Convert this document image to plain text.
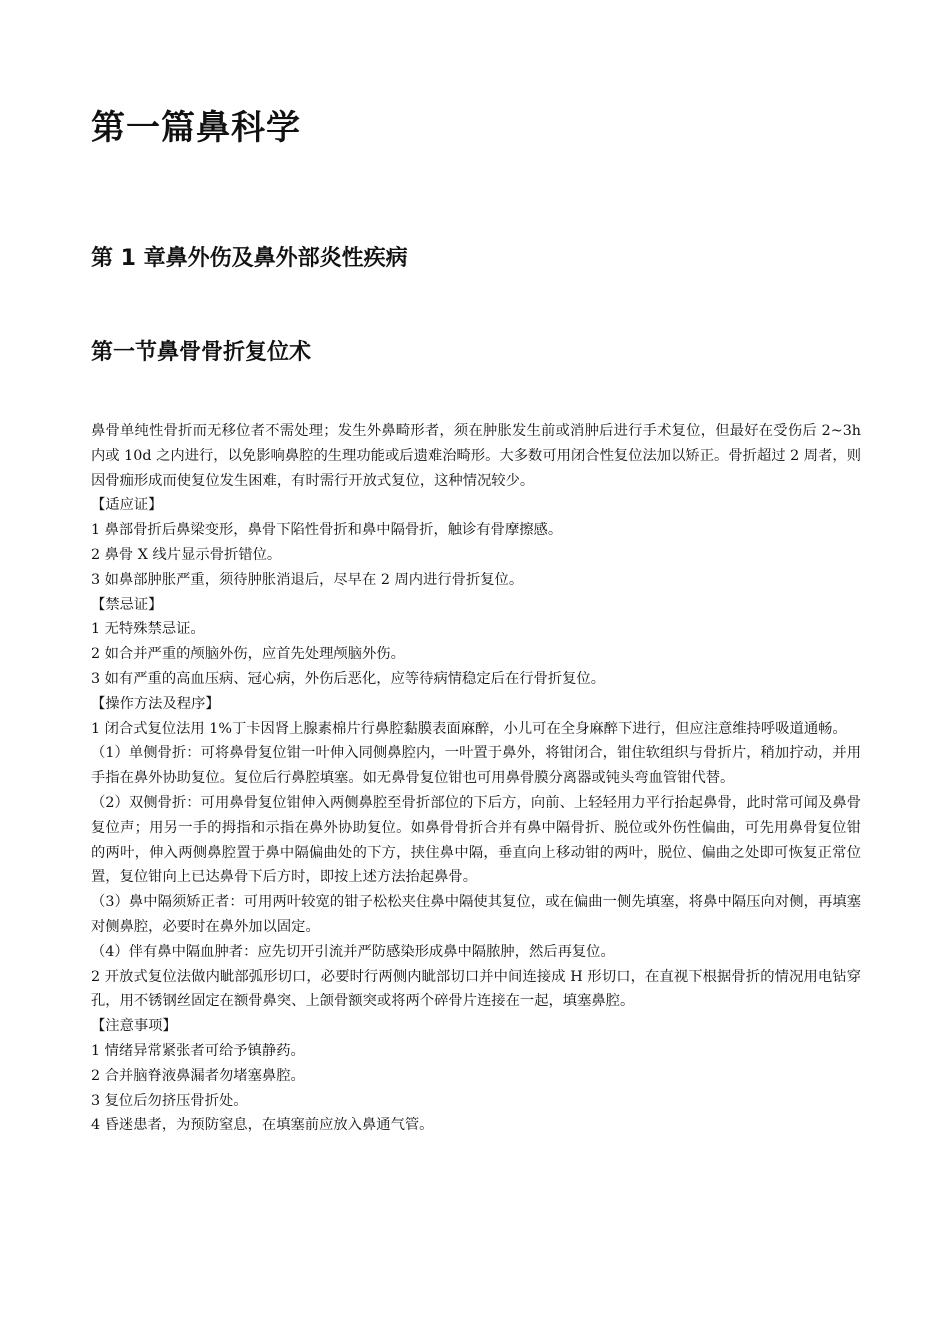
第一篇鼻科学
第 1 章鼻外伤及鼻外部炎性疾病
第一节鼻骨骨折复位术

鼻骨单纯性骨折而无移位者不需处理；发生外鼻畸形者，须在肿胀发生前或消肿后进行手术复位，但最好在受伤后 2~3h 内或 10d 之内进行，以免影响鼻腔的生理功能或后遗难治畸形。大多数可用闭合性复位法加以矫正。骨折超过 2 周者，则因骨痂形成而使复位发生困难，有时需行开放式复位，这种情况较少。

【适应证】

1 鼻部骨折后鼻梁变形，鼻骨下陷性骨折和鼻中隔骨折，触诊有骨摩擦感。

2 鼻骨 X 线片显示骨折错位。

3 如鼻部肿胀严重，须待肿胀消退后，尽早在 2 周内进行骨折复位。

【禁忌证】

1 无特殊禁忌证。

2 如合并严重的颅脑外伤，应首先处理颅脑外伤。

3 如有严重的高血压病、冠心病，外伤后恶化，应等待病情稳定后在行骨折复位。

【操作方法及程序】

1 闭合式复位法用 1%丁卡因肾上腺素棉片行鼻腔黏膜表面麻醉，小儿可在全身麻醉下进行，但应注意维持呼吸道通畅。

（1）单侧骨折：可将鼻骨复位钳一叶伸入同侧鼻腔内，一叶置于鼻外，将钳闭合，钳住软组织与骨折片，稍加拧动，并用手指在鼻外协助复位。复位后行鼻腔填塞。如无鼻骨复位钳也可用鼻骨膜分离器或钝头弯血管钳代替。

（2）双侧骨折：可用鼻骨复位钳伸入两侧鼻腔至骨折部位的下后方，向前、上轻轻用力平行抬起鼻骨，此时常可闻及鼻骨复位声；用另一手的拇指和示指在鼻外协助复位。如鼻骨骨折合并有鼻中隔骨折、脱位或外伤性偏曲，可先用鼻骨复位钳的两叶，伸入两侧鼻腔置于鼻中隔偏曲处的下方，挟住鼻中隔，垂直向上移动钳的两叶，脱位、偏曲之处即可恢复正常位置，复位钳向上已达鼻骨下后方时，即按上述方法抬起鼻骨。

（3）鼻中隔须矫正者：可用两叶较宽的钳子松松夹住鼻中隔使其复位，或在偏曲一侧先填塞，将鼻中隔压向对侧，再填塞对侧鼻腔，必要时在鼻外加以固定。

（4）伴有鼻中隔血肿者：应先切开引流并严防感染形成鼻中隔脓肿，然后再复位。

2 开放式复位法做内眦部弧形切口，必要时行两侧内眦部切口并中间连接成 H 形切口，在直视下根据骨折的情况用电钻穿孔，用不锈钢丝固定在额骨鼻突、上颌骨额突或将两个碎骨片连接在一起，填塞鼻腔。

【注意事项】

1 情绪异常紧张者可给予镇静药。

2 合并脑脊液鼻漏者勿堵塞鼻腔。

3 复位后勿挤压骨折处。

4 昏迷患者，为预防窒息，在填塞前应放入鼻通气管。
